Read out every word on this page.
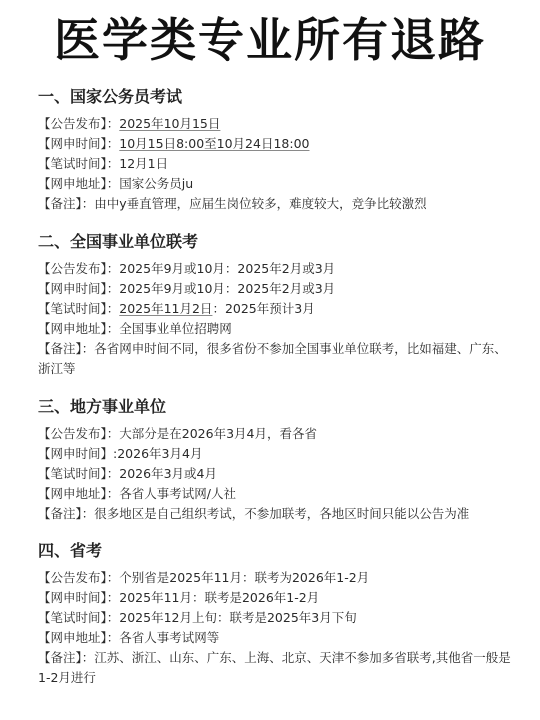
医学类专业所有退路
一、国家公务员考试
【公告发布】：2025年10月15日
【网申时间】：10月15日8:00至10月24日18:00
【笔试时间】：12月1日
【网申地址】：国家公务员ju
【备注】：由中y垂直管理，应届生岗位较多，难度较大，竞争比较激烈
二、全国事业单位联考
【公告发布】：2025年9月或10月：2025年2月或3月
【网申时间】：2025年9月或10月：2025年2月或3月
【笔试时间】：2025年11月2日：2025年预计3月
【网申地址】：全国事业单位招聘网
【备注】：各省网申时间不同，很多省份不参加全国事业单位联考，比如福建、广东、浙江等
三、地方事业单位
【公告发布】：大部分是在2026年3月4月，看各省
【网申时间】:2026年3月4月
【笔试时间】：2026年3月或4月
【网申地址】：各省人事考试网/人社
【备注】：很多地区是自己组织考试，不参加联考，各地区时间只能以公告为准
四、省考
【公告发布】：个别省是2025年11月：联考为2026年1-2月
【网申时间】：2025年11月：联考是2026年1-2月
【笔试时间】：2025年12月上旬：联考是2025年3月下旬
【网申地址】：各省人事考试网等
【备注】：江苏、浙江、山东、广东、上海、北京、天津不参加多省联考,其他省一般是1-2月进行
